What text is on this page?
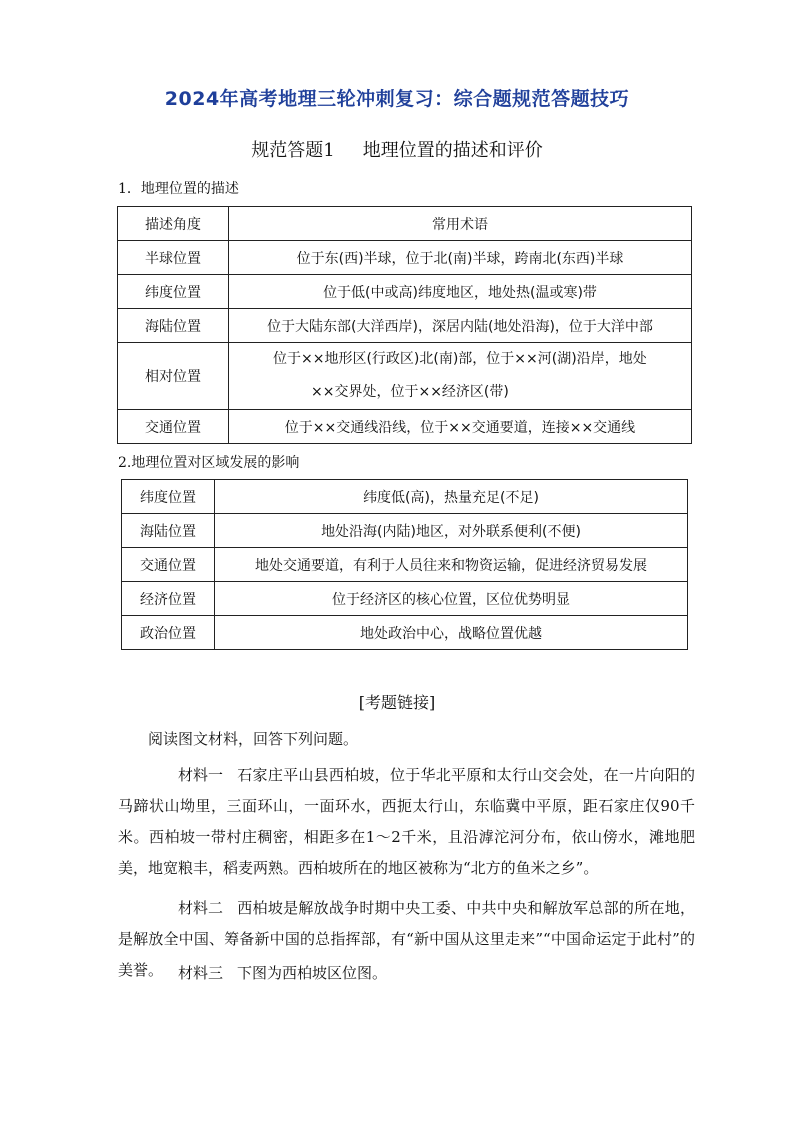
2024年高考地理三轮冲刺复习：综合题规范答题技巧
规范答题1 地理位置的描述和评价
1．地理位置的描述
描述角度	常用术语
半球位置	位于东(西)半球，位于北(南)半球，跨南北(东西)半球
纬度位置	位于低(中或高)纬度地区，地处热(温或寒)带
海陆位置	位于大陆东部(大洋西岸)，深居内陆(地处沿海)，位于大洋中部
相对位置	位于××地形区(行政区)北(南)部，位于××河(湖)沿岸，地处
××交界处，位于××经济区(带)

交通位置	位于××交通线沿线，位于××交通要道，连接××交通线
2.地理位置对区域发展的影响
纬度位置	纬度低(高)，热量充足(不足)
海陆位置	地处沿海(内陆)地区，对外联系便利(不便)
交通位置	地处交通要道，有利于人员往来和物资运输，促进经济贸易发展
经济位置	位于经济区的核心位置，区位优势明显
政治位置	地处政治中心，战略位置优越
[考题链接]
阅读图文材料，回答下列问题。
材料一 石家庄平山县西柏坡，位于华北平原和太行山交会处，在一片向阳的马蹄状山坳里，三面环山，一面环水，西扼太行山，东临冀中平原，距石家庄仅90千米。西柏坡一带村庄稠密，相距多在1～2千米，且沿滹沱河分布，依山傍水，滩地肥美，地宽粮丰，稻麦两熟。西柏坡所在的地区被称为“北方的鱼米之乡”。
材料二 西柏坡是解放战争时期中央工委、中共中央和解放军总部的所在地，是解放全中国、筹备新中国的总指挥部，有“新中国从这里走来”“中国命运定于此村”的美誉。 材料三 下图为西柏坡区位图。
